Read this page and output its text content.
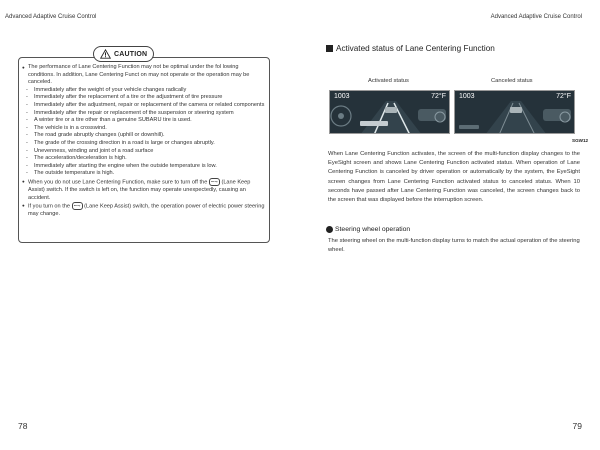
Advanced Adaptive Cruise Control	Advanced Adaptive Cruise Control
CAUTION
● The performance of Lane Centering Function may not be optimal under the fol lowing conditions. In addition, Lane Centering Funct on may not operate or the operation may be canceled.
- Immediately after the weight of your vehicle changes radically
- Immediately after the replacement of a tire or the adjustment of tire pressure
- Immediately after the adjustment, repair or replacement of the camera or related components
- Immediately after the repair or replacement of the suspension or steering system
- A winter tire or a tire other than a genuine SUBARU tire is used.
- The vehicle is in a crosswind.
- The road grade abruptly changes (uphill or downhill).
- The grade of the crossing direction in a road is large or changes abruptly.
- Unevenness, winding and joint of a road surface
- The acceleration/deceleration is high.
- Immediately after starting the engine when the outside temperature is low.
- The outside temperature is high.
● When you do not use Lane Centering Function, make sure to turn off the ↼⇁ (Lane Keep Assist) switch. If the switch is left on, the function may operate unexpectedly, causing an accident.
● If you turn on the ↼⇁ (Lane Keep Assist) switch, the operation power of electric power steering may change.
Activated status of Lane Centering Function
Activated status	Canceled status
1003	72°F 1003	72°F
SGW12
When Lane Centering Function activates, the screen of the multi-function display changes to the EyeSight screen and shows Lane Centering Function activated status. When operation of Lane Centering Function is canceled by driver operation or automatically by the system, the EyeSight screen changes from Lane Centering Function activated status to canceled status. When 10 seconds have passed after Lane Centering Function was canceled, the screen changes back to the screen that was displayed before the interruption screen.
Steering wheel operation
The steering wheel on the multi-function display turns to match the actual operation of the steering wheel.
78	79
